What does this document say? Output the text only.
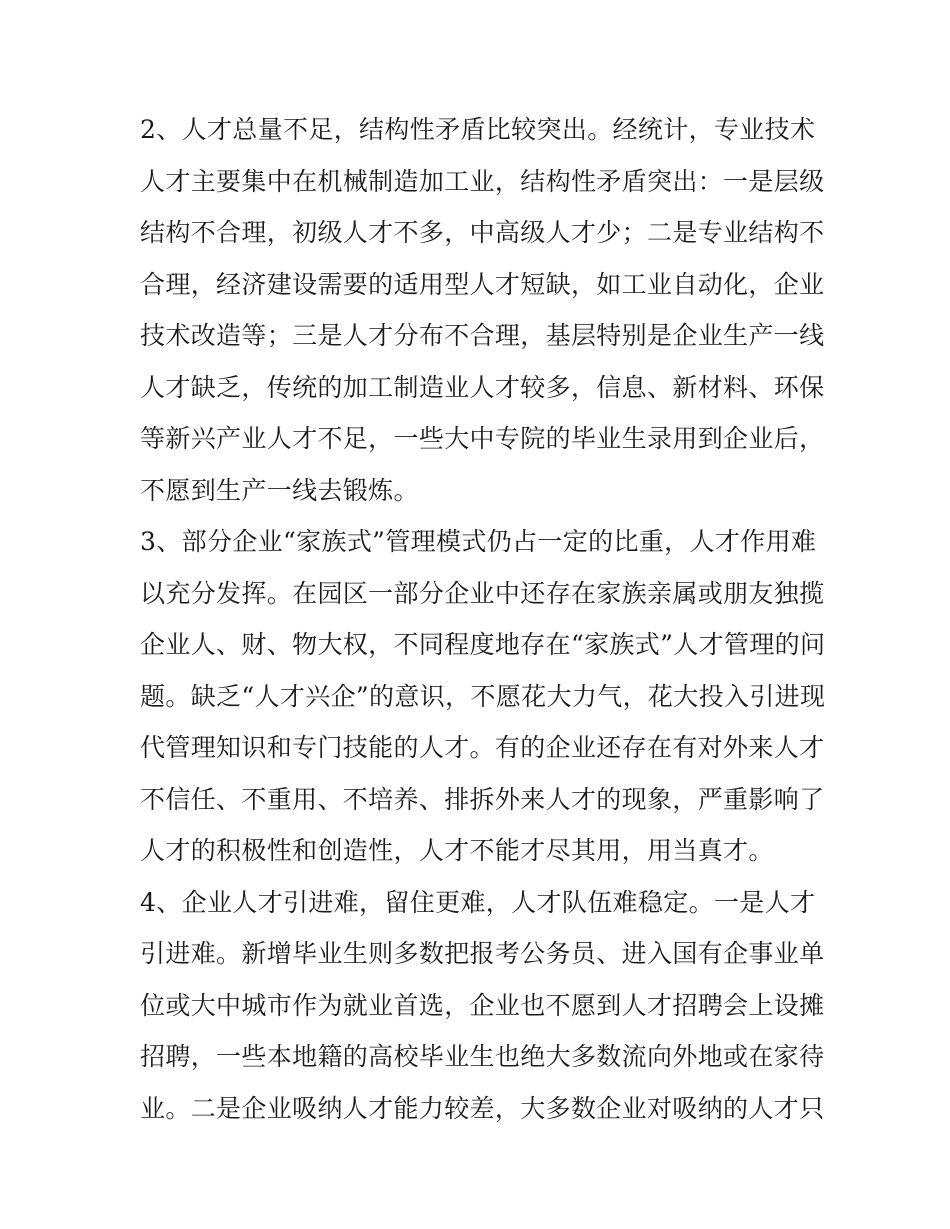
2、人才总量不足，结构性矛盾比较突出。经统计，专业技术
人才主要集中在机械制造加工业，结构性矛盾突出：一是层级
结构不合理，初级人才不多，中高级人才少；二是专业结构不
合理，经济建设需要的适用型人才短缺，如工业自动化，企业
技术改造等；三是人才分布不合理，基层特别是企业生产一线
人才缺乏，传统的加工制造业人才较多，信息、新材料、环保
等新兴产业人才不足，一些大中专院的毕业生录用到企业后，
不愿到生产一线去锻炼。
3、部分企业“家族式”管理模式仍占一定的比重，人才作用难
以充分发挥。在园区一部分企业中还存在家族亲属或朋友独揽
企业人、财、物大权，不同程度地存在“家族式”人才管理的问
题。缺乏“人才兴企”的意识，不愿花大力气，花大投入引进现
代管理知识和专门技能的人才。有的企业还存在有对外来人才
不信任、不重用、不培养、排拆外来人才的现象，严重影响了
人才的积极性和创造性，人才不能才尽其用，用当真才。
4、企业人才引进难，留住更难，人才队伍难稳定。一是人才
引进难。新增毕业生则多数把报考公务员、进入国有企事业单
位或大中城市作为就业首选，企业也不愿到人才招聘会上设摊
招聘，一些本地籍的高校毕业生也绝大多数流向外地或在家待
业。二是企业吸纳人才能力较差，大多数企业对吸纳的人才只
